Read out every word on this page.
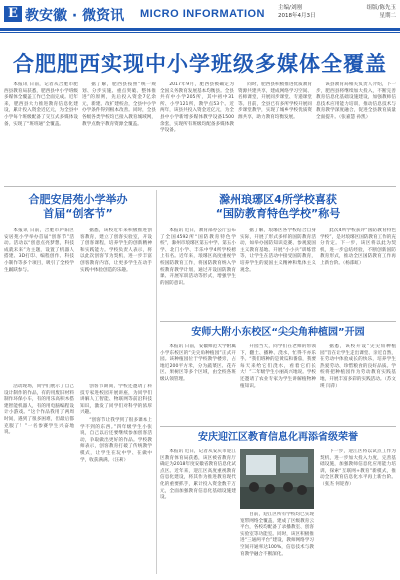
E 教安徽 · 微资讯 MICRO INFORMATION 主编/刘刚	组版/陈先玉
2018年4月3日	星期二
合肥肥西实现中小学班级多媒体全覆盖

本报讯 日前，记者从合肥市肥西县教育局获悉，肥西县中小学班级多媒体全覆盖工作已全面完成。近年来，肥西县大力推进教育信息化建设，累计投入资金近亿元，为全县中小学每个班级配备了交互式多媒体设备，实现了“班班通”全覆盖。

据了解，肥西县按照“统一规划、分步实施、重点突破、整体推进”的原则，先后投入资金7亿余元，新建、改扩建校舍，全县中小学办学条件得到根本改善。同时，全县各级各类学校均已接入教育城域网，教学点数字教育资源全覆盖。

2017年9月，肥西县被确定为全国义务教育发展基本均衡县。全县共有中小学205所，其中初中31所、小学121所，教学点53个。近两年，该县共投入资金近亿元，为全县中小学新增多媒体教学设备1500余套，实现所有班级均配备多媒体教学设备。

同时，肥西县积极推进优质教育资源共建共享，建成网络学习空间、名师课堂，开展同步课堂、专递课堂等。目前，全县已有多所学校开展同步课堂教学，实现了城乡学校优质资源共享，助力教育均衡发展。

该县教育局相关负责人介绍，下一步，肥西县将继续加大投入，不断完善教育信息化基础设施建设，加强教师信息技术应用能力培训，推动信息技术与教育教学深度融合，促进全县教育质量全面提升。（张嘉慧 孙凯）

合肥安居苑小学举办
首届“创客节”

本报讯 日前，合肥市庐阳区安居苑小学举办首届“创客节”活动。活动以“创意点亮梦想，科技成就未来”为主题，设置了机器人搭建、3D打印、编程创作、科技小制作等多个项目，吸引了全校学生踊跃参与。

据悉，该校近年来积极推进创客教育，建立了创客实验室，开设了创客课程，培养学生的创新精神和实践能力。学校负责人表示，将以此次创客节为契机，进一步丰富创客教育内容，让更多学生在动手实践中体验创造的乐趣。

活动现场，同学们展示了自己设计制作的作品，有的用废旧材料制作环保小车，有的用乐高积木搭建智能机器人，有的用电脑编程设计小游戏。“这个作品我用了两周时间，遇到了很多困难，但最后都克服了！”一名参赛学生兴奋地说。

创客节期间，学校还邀请了科技专家进校园开展讲座，为同学们讲解人工智能、物联网等前沿科技知识，激发了同学们对科学的浓厚兴趣。

“创客节让我学到了很多课本上学不到的东西。”四年级学生小张说，自己以后还要继续参加创客活动，争取做出更好的作品。学校教师表示，创客教育打破了传统教学模式，让学生在玩中学、在做中学，收获满满。（汪莉）

滁州琅琊区4所学校喜获
“国防教育特色学校”称号

本报讯 近日，教育部办公厅公布了全国4592所“国防教育特色学校”，滁州市琅琊区第五中学、第五小学、北门小学、丰乐中学4所学校榜上有名。近年来，琅琊区高度重视学校国防教育工作，将国防教育纳入学校教育教学计划，通过开设国防教育课、开展军训活动等形式，增强学生的国防意识。

据了解，琅琊区各学校结合自身实际，开展了形式多样的国防教育活动，如举办国防知识竞赛、参观爱国主义教育基地、开展“小小兵”训练营等，让学生在活动中接受国防教育，培养学生的爱国主义精神和集体主义观念。

此次4所学校获评“国防教育特色学校”，是对琅琊区国防教育工作的充分肯定。下一步，该区将以此为契机，进一步总结经验，不断创新国防教育形式，推动全区国防教育工作再上新台阶。（杨邵虹）

安师大附小东校区“尖尖角种植园”开园

本报讯 日前，安徽师范大学附属小学东校区的“尖尖角种植园”正式开园。该种植园位于学校教学楼旁，占地近200平方米，分为蔬菜区、花卉区、果树区等多个区域，由全校各班级认领管理。

开园当天，同学们在老师的带领下，翻土、播种、浇水，忙得不亦乐乎。“我们班种的是黄瓜和番茄，我要每天来给它们浇水，看着它们长大！”二年级学生小丽高兴地说。学校还邀请了农业专家为学生讲解植物种植知识。

据悉，该校开设“尖尖角种植园”旨在让学生走出课堂、亲近自然，在劳动中体验成长的快乐，培养学生热爱劳动、珍惜粮食的良好品质。学校将把种植园作为劳动教育实践基地，开展丰富多彩的实践活动。（苏文瑛 闫萍）

安庆迎江区教育信息化再添省级荣誉

本报讯 近日，记者从安庆市迎江区教育体育局获悉，该区被省教育厅确定为2018年度安徽省教育信息化试点区。近年来，迎江区高度重视教育信息化建设，将其作为推进教育现代化的重要抓手，累计投入资金数千万元，全面加强教育信息化基础设施建设。

目前，迎江区所有学校均已实现宽带网络全覆盖，建成了区级教育云平台，各校均配备了录播教室、创客实验室等功能室。同时，该区积极推进“三通两平台”建设，教师网络学习空间开通率达100%，信息技术与教育教学融合不断深化。

下一步，迎江区将以试点工作为契机，进一步加大投入力度，完善基础设施，加强教师信息化应用能力培训，探索“互联网+教育”新模式，推动全区教育信息化水平再上新台阶。（张杰 何迎春）
